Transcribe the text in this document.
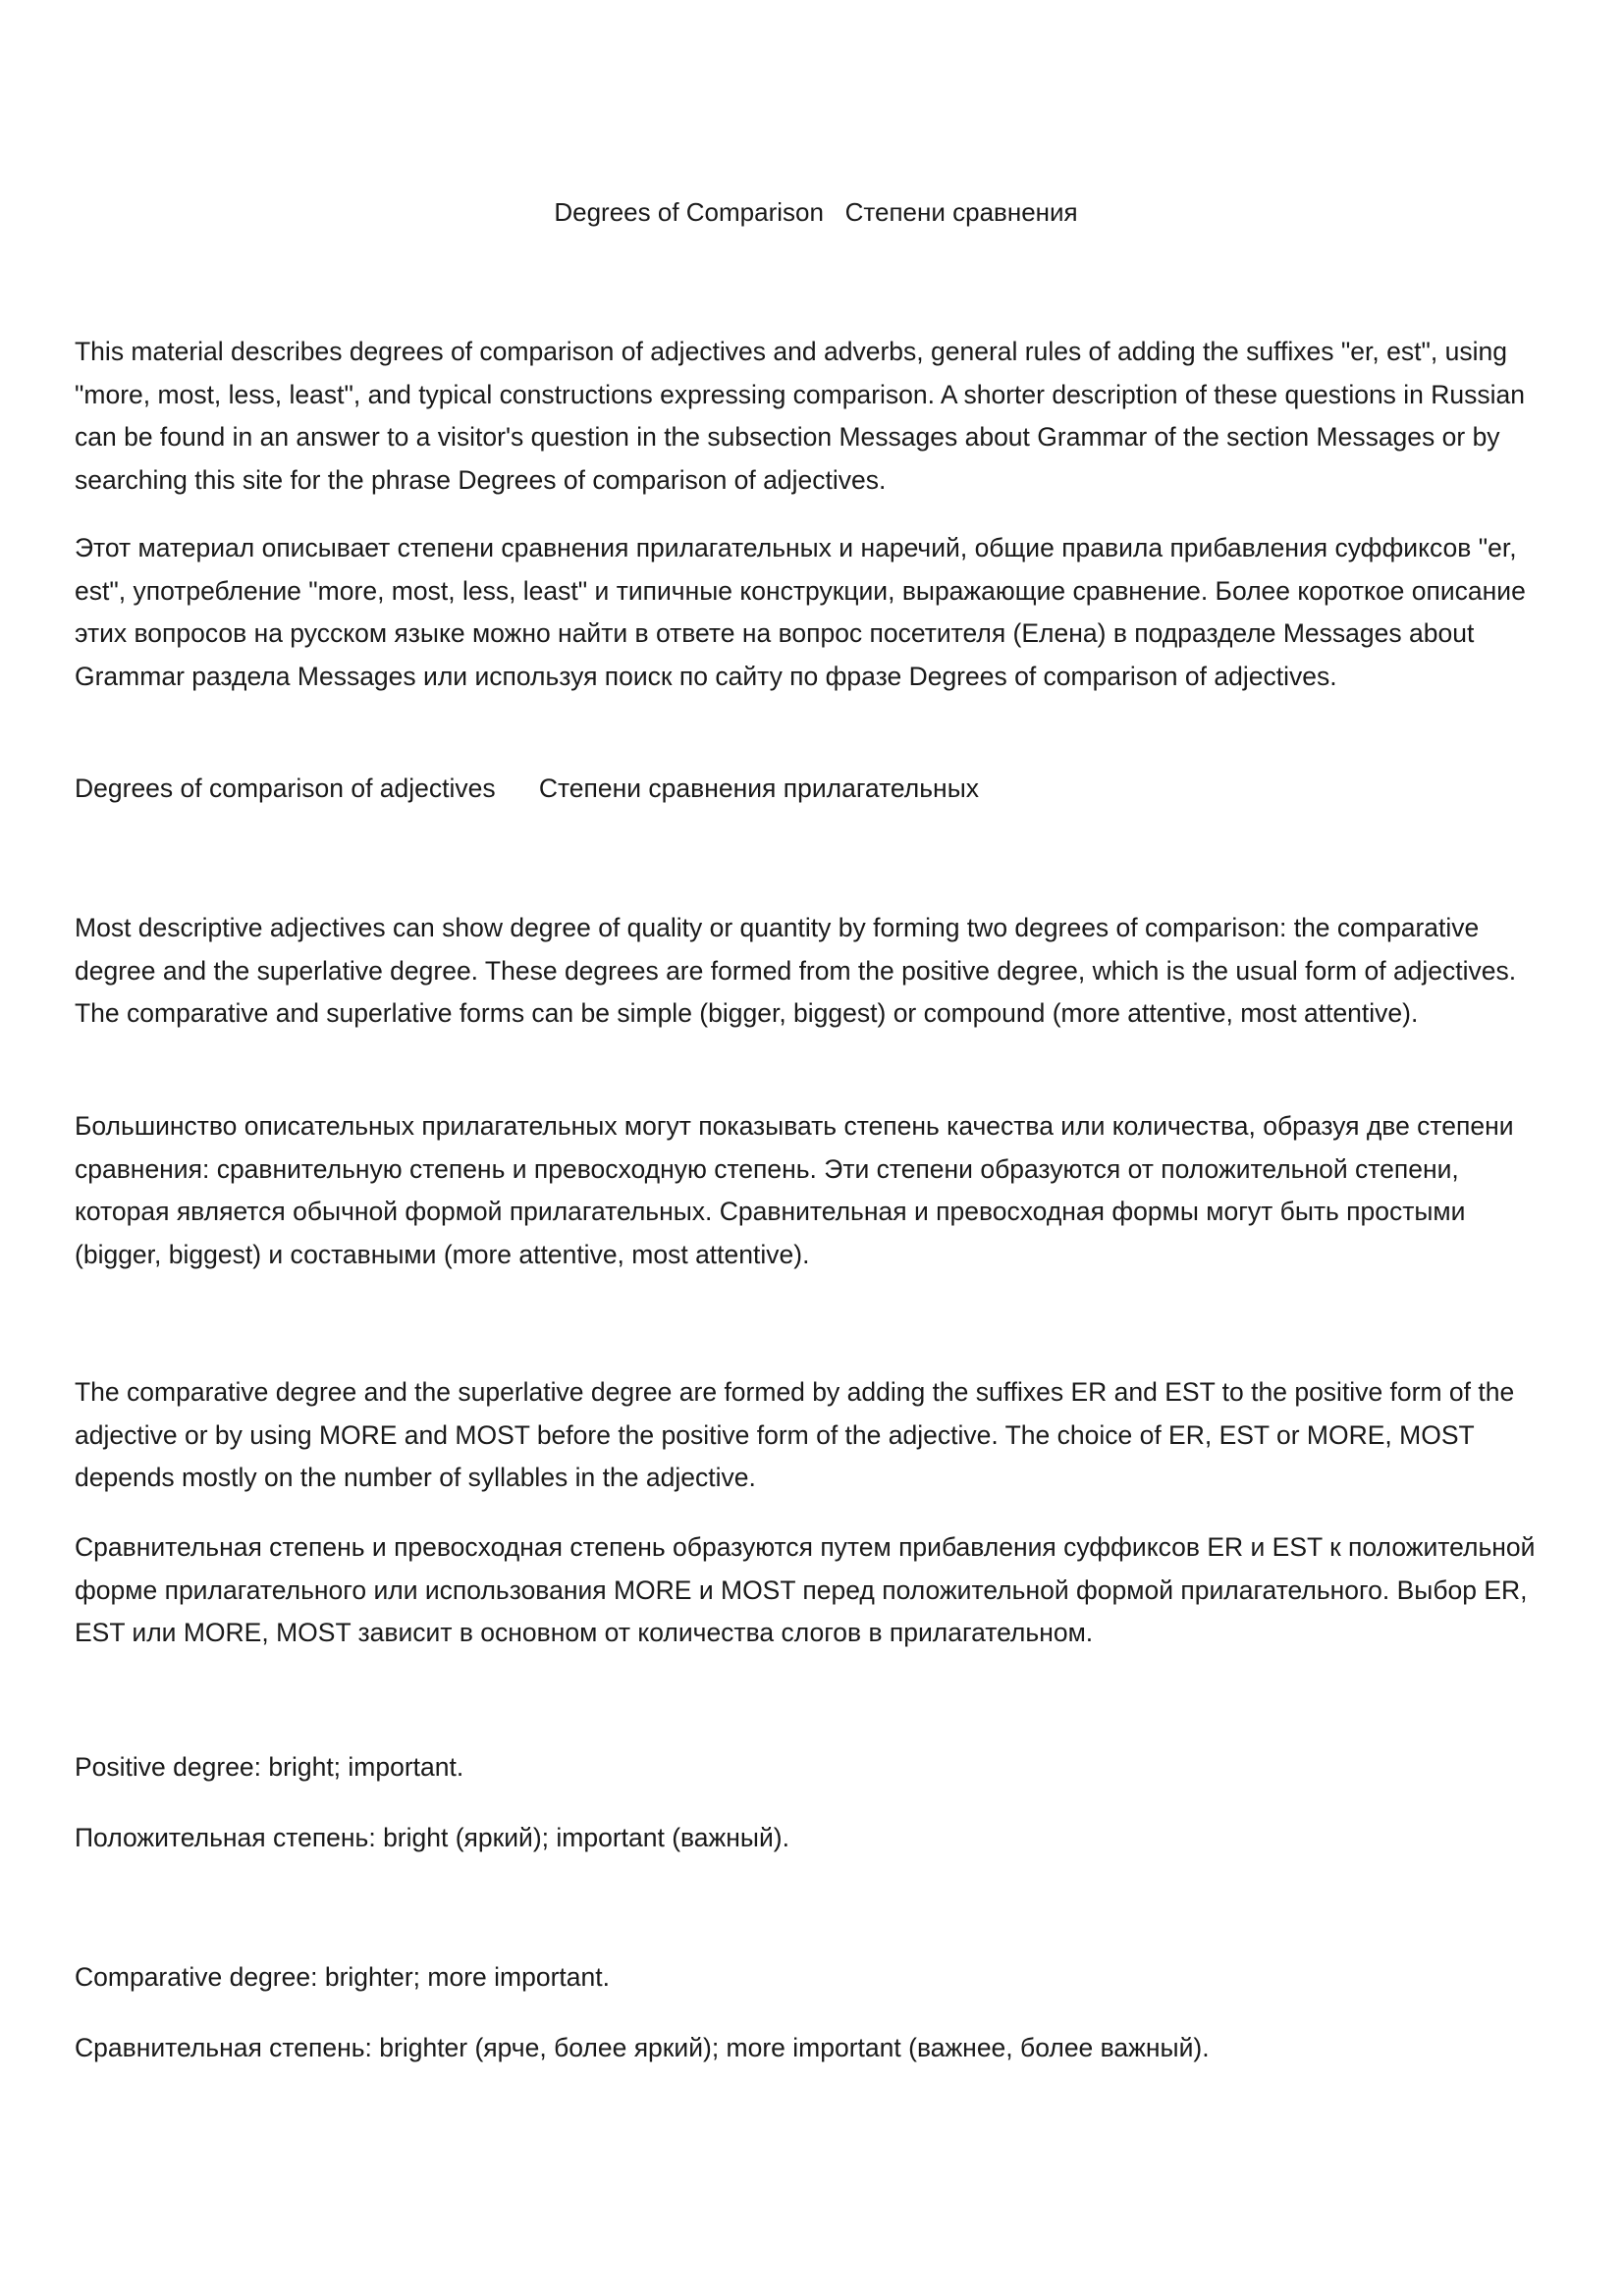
Degrees of Comparison Степени сравнения

This material describes degrees of comparison of adjectives and adverbs, general rules of adding the suffixes "er, est", using "more, most, less, least", and typical constructions expressing comparison. A shorter description of these questions in Russian can be found in an answer to a visitor's question in the subsection Messages about Grammar of the section Messages or by searching this site for the phrase Degrees of comparison of adjectives.

Этот материал описывает степени сравнения прилагательных и наречий, общие правила прибавления суффиксов "er, est", употребление "more, most, less, least" и типичные конструкции, выражающие сравнение. Более короткое описание этих вопросов на русском языке можно найти в ответе на вопрос посетителя (Елена) в подразделе Messages about Grammar раздела Messages или используя поиск по сайту по фразе Degrees of comparison of adjectives.

Degrees of comparison of adjectives Степени сравнения прилагательных

Most descriptive adjectives can show degree of quality or quantity by forming two degrees of comparison: the comparative degree and the superlative degree. These degrees are formed from the positive degree, which is the usual form of adjectives. The comparative and superlative forms can be simple (bigger, biggest) or compound (more attentive, most attentive).

Большинство описательных прилагательных могут показывать степень качества или количества, образуя две степени сравнения: сравнительную степень и превосходную степень. Эти степени образуются от положительной степени, которая является обычной формой прилагательных. Сравнительная и превосходная формы могут быть простыми (bigger, biggest) и составными (more attentive, most attentive).

The comparative degree and the superlative degree are formed by adding the suffixes ER and EST to the positive form of the adjective or by using MORE and MOST before the positive form of the adjective. The choice of ER, EST or MORE, MOST depends mostly on the number of syllables in the adjective.

Сравнительная степень и превосходная степень образуются путем прибавления суффиксов ER и EST к положительной форме прилагательного или использования MORE и MOST перед положительной формой прилагательного. Выбор ER, EST или MORE, MOST зависит в основном от количества слогов в прилагательном.

Positive degree: bright; important.

Положительная степень: bright (яркий); important (важный).

Comparative degree: brighter; more important.

Сравнительная степень: brighter (ярче, более яркий); more important (важнее, более важный).
